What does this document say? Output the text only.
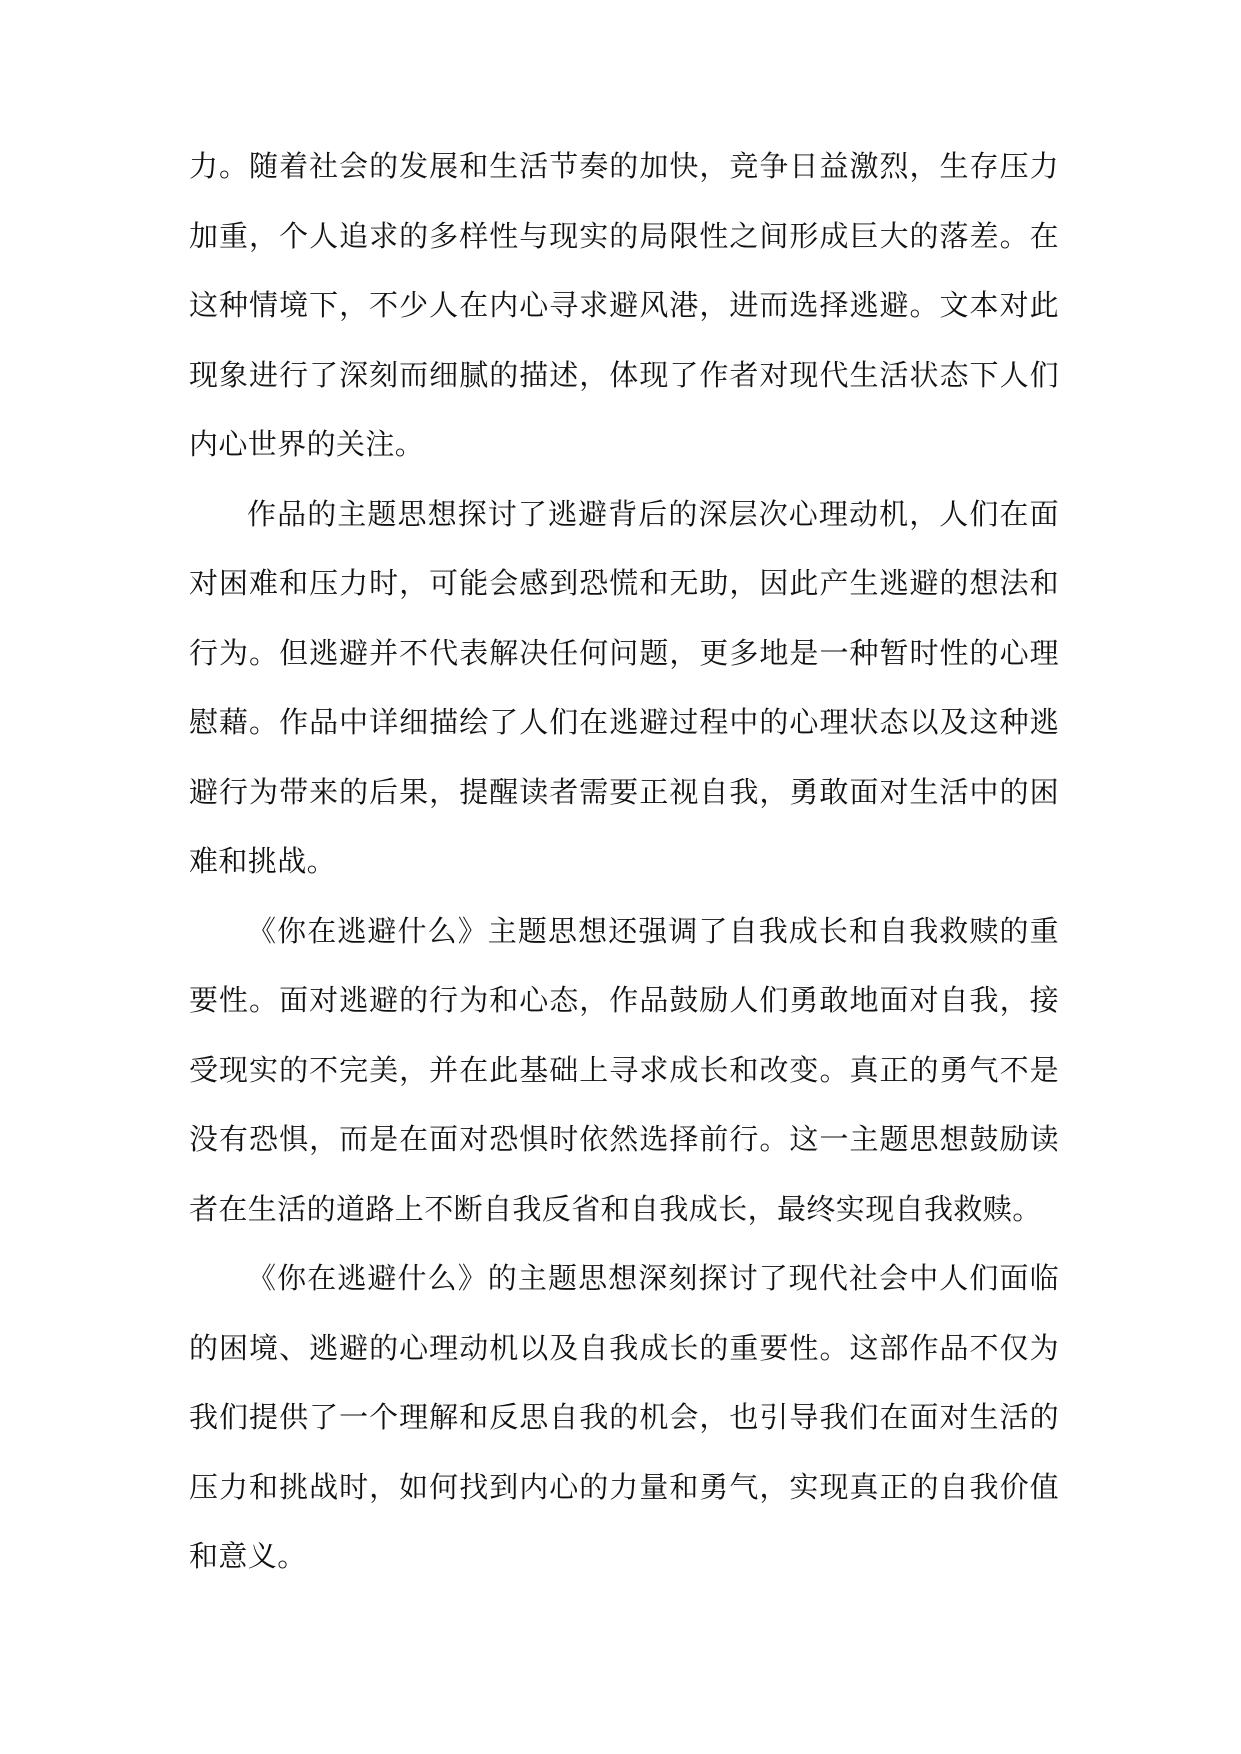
力。随着社会的发展和生活节奏的加快，竞争日益激烈，生存压力加重，个人追求的多样性与现实的局限性之间形成巨大的落差。在这种情境下，不少人在内心寻求避风港，进而选择逃避。文本对此现象进行了深刻而细腻的描述，体现了作者对现代生活状态下人们内心世界的关注。

作品的主题思想探讨了逃避背后的深层次心理动机，人们在面对困难和压力时，可能会感到恐慌和无助，因此产生逃避的想法和行为。但逃避并不代表解决任何问题，更多地是一种暂时性的心理慰藉。作品中详细描绘了人们在逃避过程中的心理状态以及这种逃避行为带来的后果，提醒读者需要正视自我，勇敢面对生活中的困难和挑战。

《你在逃避什么》主题思想还强调了自我成长和自我救赎的重要性。面对逃避的行为和心态，作品鼓励人们勇敢地面对自我，接受现实的不完美，并在此基础上寻求成长和改变。真正的勇气不是没有恐惧，而是在面对恐惧时依然选择前行。这一主题思想鼓励读者在生活的道路上不断自我反省和自我成长，最终实现自我救赎。

《你在逃避什么》的主题思想深刻探讨了现代社会中人们面临的困境、逃避的心理动机以及自我成长的重要性。这部作品不仅为我们提供了一个理解和反思自我的机会，也引导我们在面对生活的压力和挑战时，如何找到内心的力量和勇气，实现真正的自我价值和意义。
